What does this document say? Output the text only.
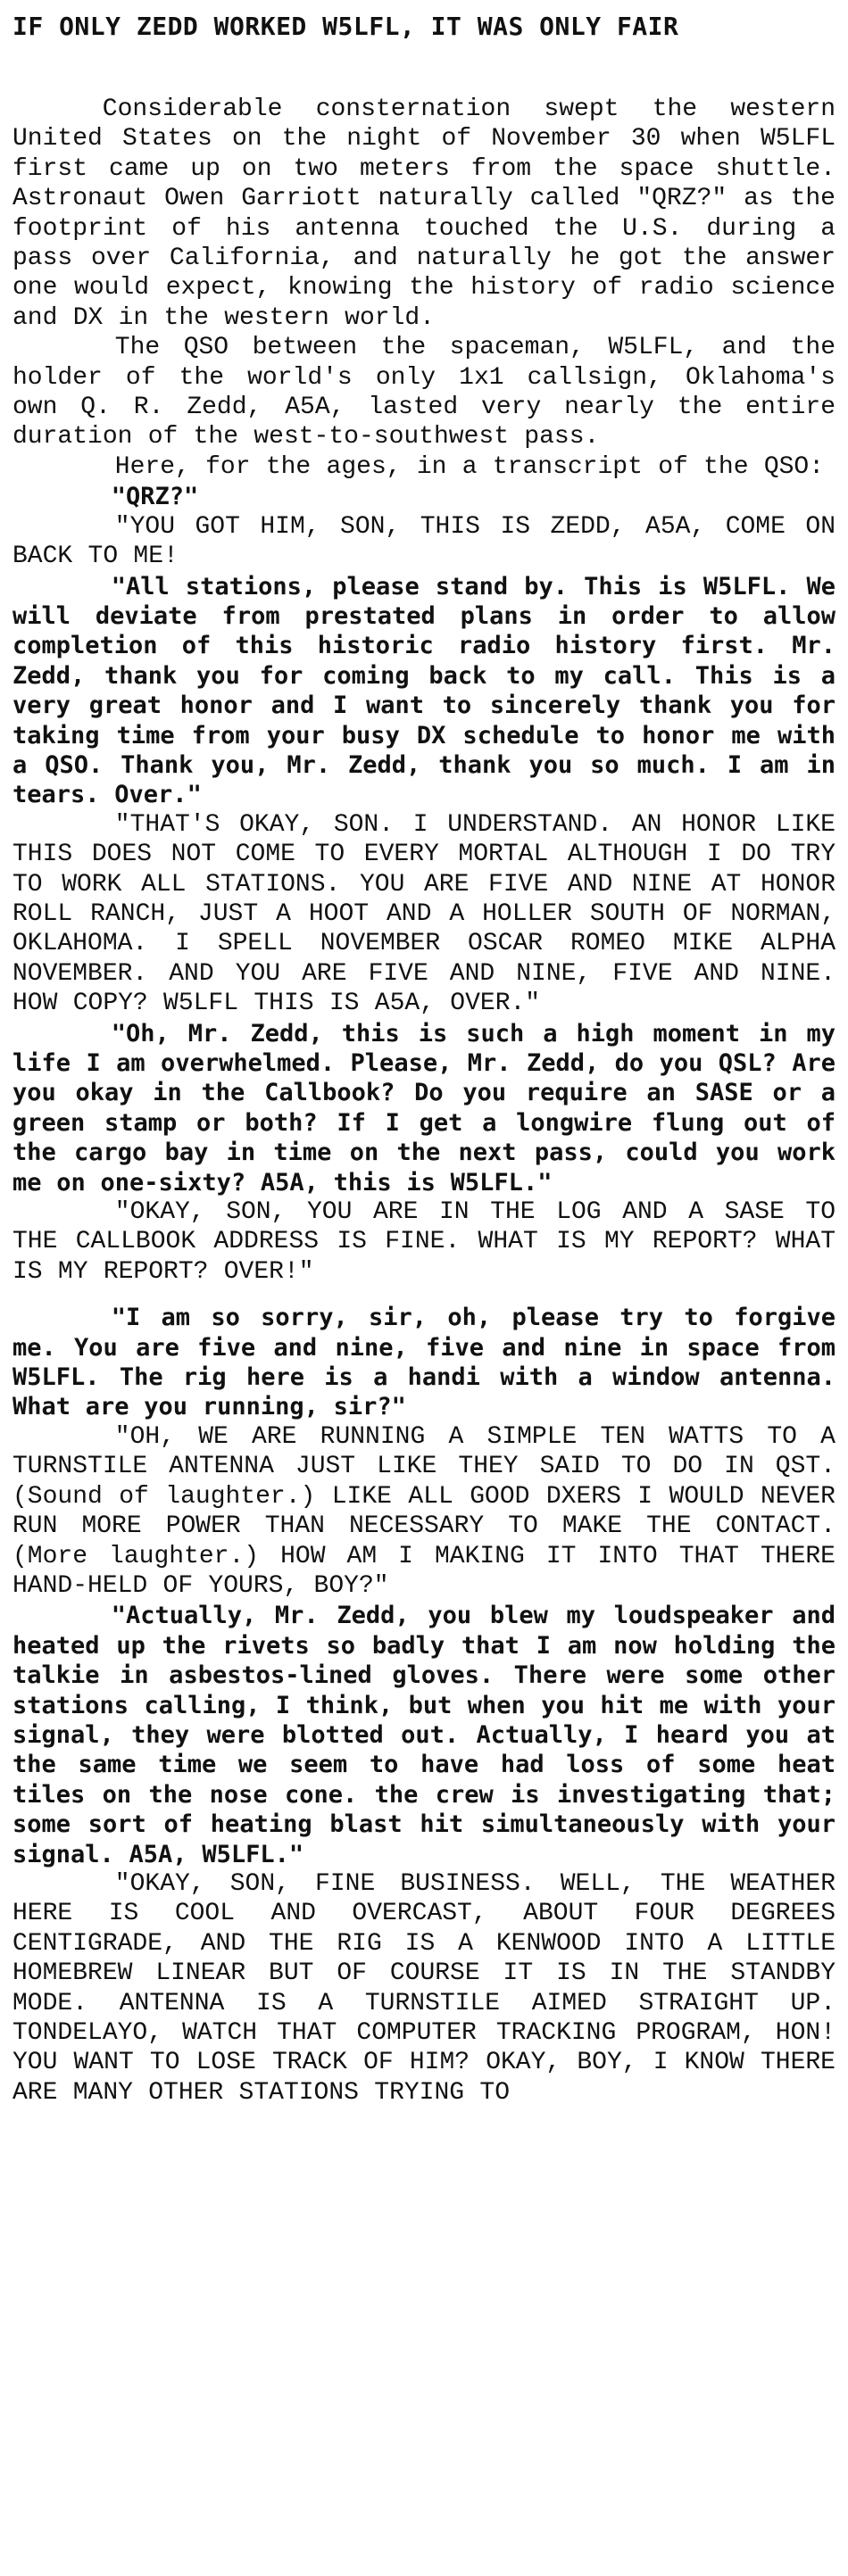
IF ONLY ZEDD WORKED W5LFL, IT WAS ONLY FAIR

Considerable consternation swept the western United States on the night of November 30 when W5LFL first came up on two meters from the space shuttle. Astronaut Owen Garriott naturally called "QRZ?" as the footprint of his antenna touched the U.S. during a pass over California, and naturally he got the answer one would expect, knowing the history of radio science and DX in the western world.

The QSO between the spaceman, W5LFL, and the holder of the world's only 1x1 callsign, Oklahoma's own Q. R. Zedd, A5A, lasted very nearly the entire duration of the west-to-southwest pass.

Here, for the ages, in a transcript of the QSO:

"QRZ?"

"YOU GOT HIM, SON, THIS IS ZEDD, A5A, COME ON BACK TO ME!

"All stations, please stand by. This is W5LFL. We will deviate from prestated plans in order to allow completion of this historic radio history first. Mr. Zedd, thank you for coming back to my call. This is a very great honor and I want to sincerely thank you for taking time from your busy DX schedule to honor me with a QSO. Thank you, Mr. Zedd, thank you so much. I am in tears. Over."

"THAT'S OKAY, SON. I UNDERSTAND. AN HONOR LIKE THIS DOES NOT COME TO EVERY MORTAL ALTHOUGH I DO TRY TO WORK ALL STATIONS. YOU ARE FIVE AND NINE AT HONOR ROLL RANCH, JUST A HOOT AND A HOLLER SOUTH OF NORMAN, OKLAHOMA. I SPELL NOVEMBER OSCAR ROMEO MIKE ALPHA NOVEMBER. AND YOU ARE FIVE AND NINE, FIVE AND NINE. HOW COPY? W5LFL THIS IS A5A, OVER."

"Oh, Mr. Zedd, this is such a high moment in my life I am overwhelmed. Please, Mr. Zedd, do you QSL? Are you okay in the Callbook? Do you require an SASE or a green stamp or both? If I get a longwire flung out of the cargo bay in time on the next pass, could you work me on one-sixty? A5A, this is W5LFL."

"OKAY, SON, YOU ARE IN THE LOG AND A SASE TO THE CALLBOOK ADDRESS IS FINE. WHAT IS MY REPORT? WHAT IS MY REPORT? OVER!"

"I am so sorry, sir, oh, please try to forgive me. You are five and nine, five and nine in space from W5LFL. The rig here is a handi with a window antenna. What are you running, sir?"

"OH, WE ARE RUNNING A SIMPLE TEN WATTS TO A TURNSTILE ANTENNA JUST LIKE THEY SAID TO DO IN QST. (Sound of laughter.) LIKE ALL GOOD DXERS I WOULD NEVER RUN MORE POWER THAN NECESSARY TO MAKE THE CONTACT. (More laughter.) HOW AM I MAKING IT INTO THAT THERE HAND-HELD OF YOURS, BOY?"

"Actually, Mr. Zedd, you blew my loudspeaker and heated up the rivets so badly that I am now holding the talkie in asbestos-lined gloves. There were some other stations calling, I think, but when you hit me with your signal, they were blotted out. Actually, I heard you at the same time we seem to have had loss of some heat tiles on the nose cone. the crew is investigating that; some sort of heating blast hit simultaneously with your signal. A5A, W5LFL."

"OKAY, SON, FINE BUSINESS. WELL, THE WEATHER HERE IS COOL AND OVERCAST, ABOUT FOUR DEGREES CENTIGRADE, AND THE RIG IS A KENWOOD INTO A LITTLE HOMEBREW LINEAR BUT OF COURSE IT IS IN THE STANDBY MODE. ANTENNA IS A TURNSTILE AIMED STRAIGHT UP. TONDELAYO, WATCH THAT COMPUTER TRACKING PROGRAM, HON! YOU WANT TO LOSE TRACK OF HIM? OKAY, BOY, I KNOW THERE ARE MANY OTHER STATIONS TRYING TO
